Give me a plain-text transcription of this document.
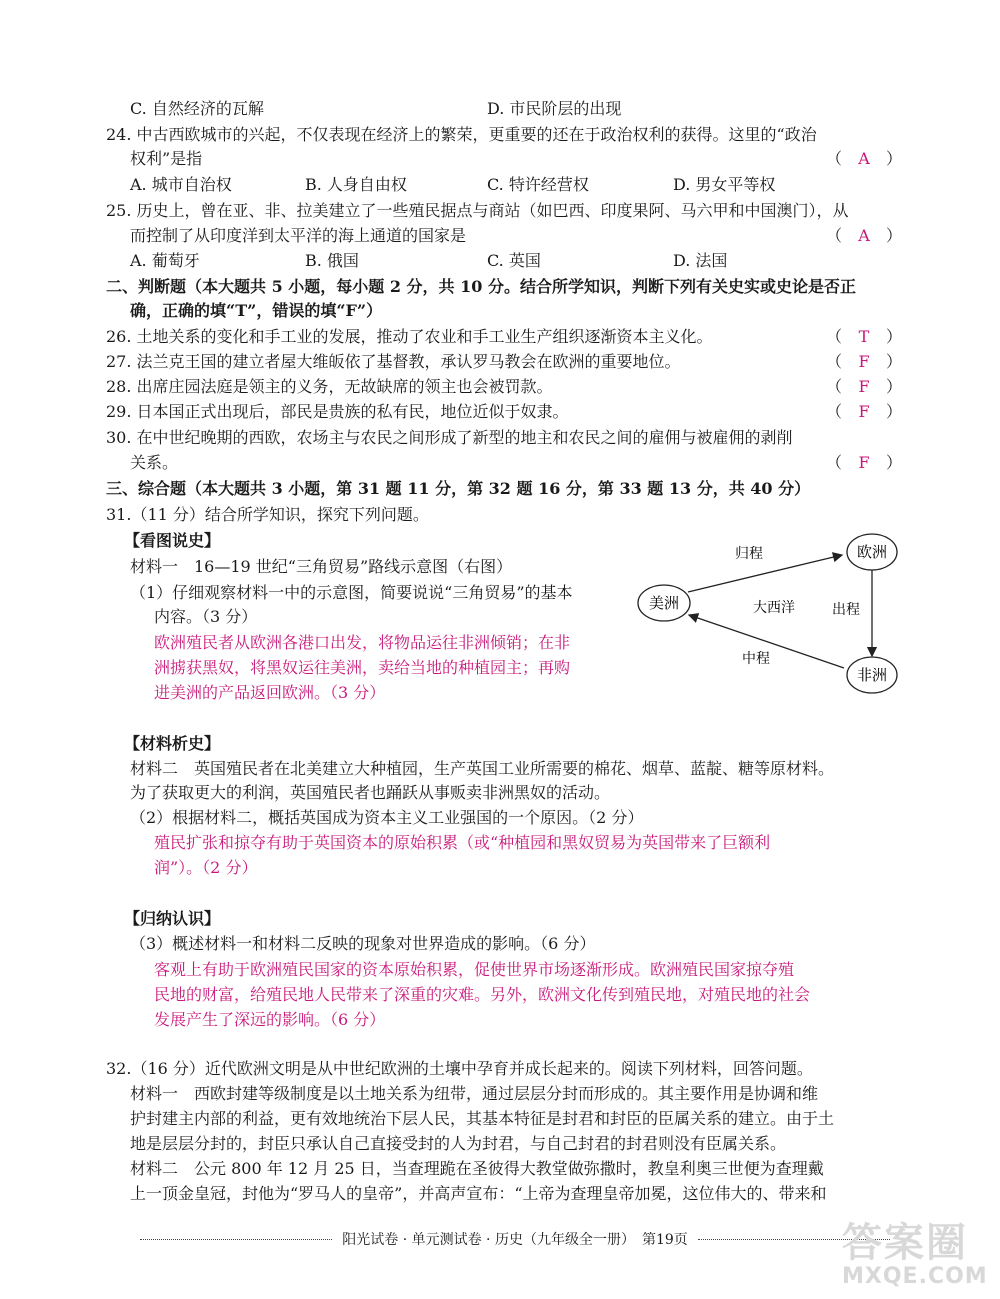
C. 自然经济的瓦解	D. 市民阶层的出现
24. 中古西欧城市的兴起，不仅表现在经济上的繁荣，更重要的还在于政治权利的获得。这里的“政治
权利”是指	（ A ）
A. 城市自治权	B. 人身自由权	C. 特许经营权	D. 男女平等权
25. 历史上，曾在亚、非、拉美建立了一些殖民据点与商站（如巴西、印度果阿、马六甲和中国澳门），从
而控制了从印度洋到太平洋的海上通道的国家是	（ A ）
A. 葡萄牙	B. 俄国	C. 英国	D. 法国
二、判断题（本大题共 5 小题，每小题 2 分，共 10 分。结合所学知识，判断下列有关史实或史论是否正
确，正确的填“T”，错误的填“F”）
26. 土地关系的变化和手工业的发展，推动了农业和手工业生产组织逐渐资本主义化。	（ T ）
27. 法兰克王国的建立者屋大维皈依了基督教，承认罗马教会在欧洲的重要地位。	（ F ）
28. 出席庄园法庭是领主的义务，无故缺席的领主也会被罚款。	（ F ）
29. 日本国正式出现后，部民是贵族的私有民，地位近似于奴隶。	（ F ）
30. 在中世纪晚期的西欧，农场主与农民之间形成了新型的地主和农民之间的雇佣与被雇佣的剥削
关系。	（ F ）
三、综合题（本大题共 3 小题，第 31 题 11 分，第 32 题 16 分，第 33 题 13 分，共 40 分）
31.（11 分）结合所学知识，探究下列问题。
【看图说史】
材料一　16—19 世纪“三角贸易”路线示意图（右图）
（1）仔细观察材料一中的示意图，简要说说“三角贸易”的基本
内容。（3 分）
欧洲殖民者从欧洲各港口出发，将物品运往非洲倾销；在非
洲掳获黑奴，将黑奴运往美洲，卖给当地的种植园主；再购
进美洲的产品返回欧洲。（3 分）
欧洲
美洲
非洲
归程
出程
中程
大西洋
【材料析史】
材料二　英国殖民者在北美建立大种植园，生产英国工业所需要的棉花、烟草、蓝靛、糖等原材料。
为了获取更大的利润，英国殖民者也踊跃从事贩卖非洲黑奴的活动。
（2）根据材料二，概括英国成为资本主义工业强国的一个原因。（2 分）
殖民扩张和掠夺有助于英国资本的原始积累（或“种植园和黑奴贸易为英国带来了巨额利
润”）。（2 分）
【归纳认识】
（3）概述材料一和材料二反映的现象对世界造成的影响。（6 分）
客观上有助于欧洲殖民国家的资本原始积累，促使世界市场逐渐形成。欧洲殖民国家掠夺殖
民地的财富，给殖民地人民带来了深重的灾难。另外，欧洲文化传到殖民地，对殖民地的社会
发展产生了深远的影响。（6 分）
32.（16 分）近代欧洲文明是从中世纪欧洲的土壤中孕育并成长起来的。阅读下列材料，回答问题。
材料一　西欧封建等级制度是以土地关系为纽带，通过层层分封而形成的。其主要作用是协调和维
护封建主内部的利益，更有效地统治下层人民，其基本特征是封君和封臣的臣属关系的建立。由于土
地是层层分封的，封臣只承认自己直接受封的人为封君，与自己封君的封君则没有臣属关系。
材料二　公元 800 年 12 月 25 日，当查理跪在圣彼得大教堂做弥撒时，教皇利奥三世便为查理戴
上一顶金皇冠，封他为“罗马人的皇帝”，并高声宣布：“上帝为查理皇帝加冕，这位伟大的、带来和
阳光试卷 · 单元测试卷 · 历史（九年级全一册）　第19页	答案圈
MXQE.COM
